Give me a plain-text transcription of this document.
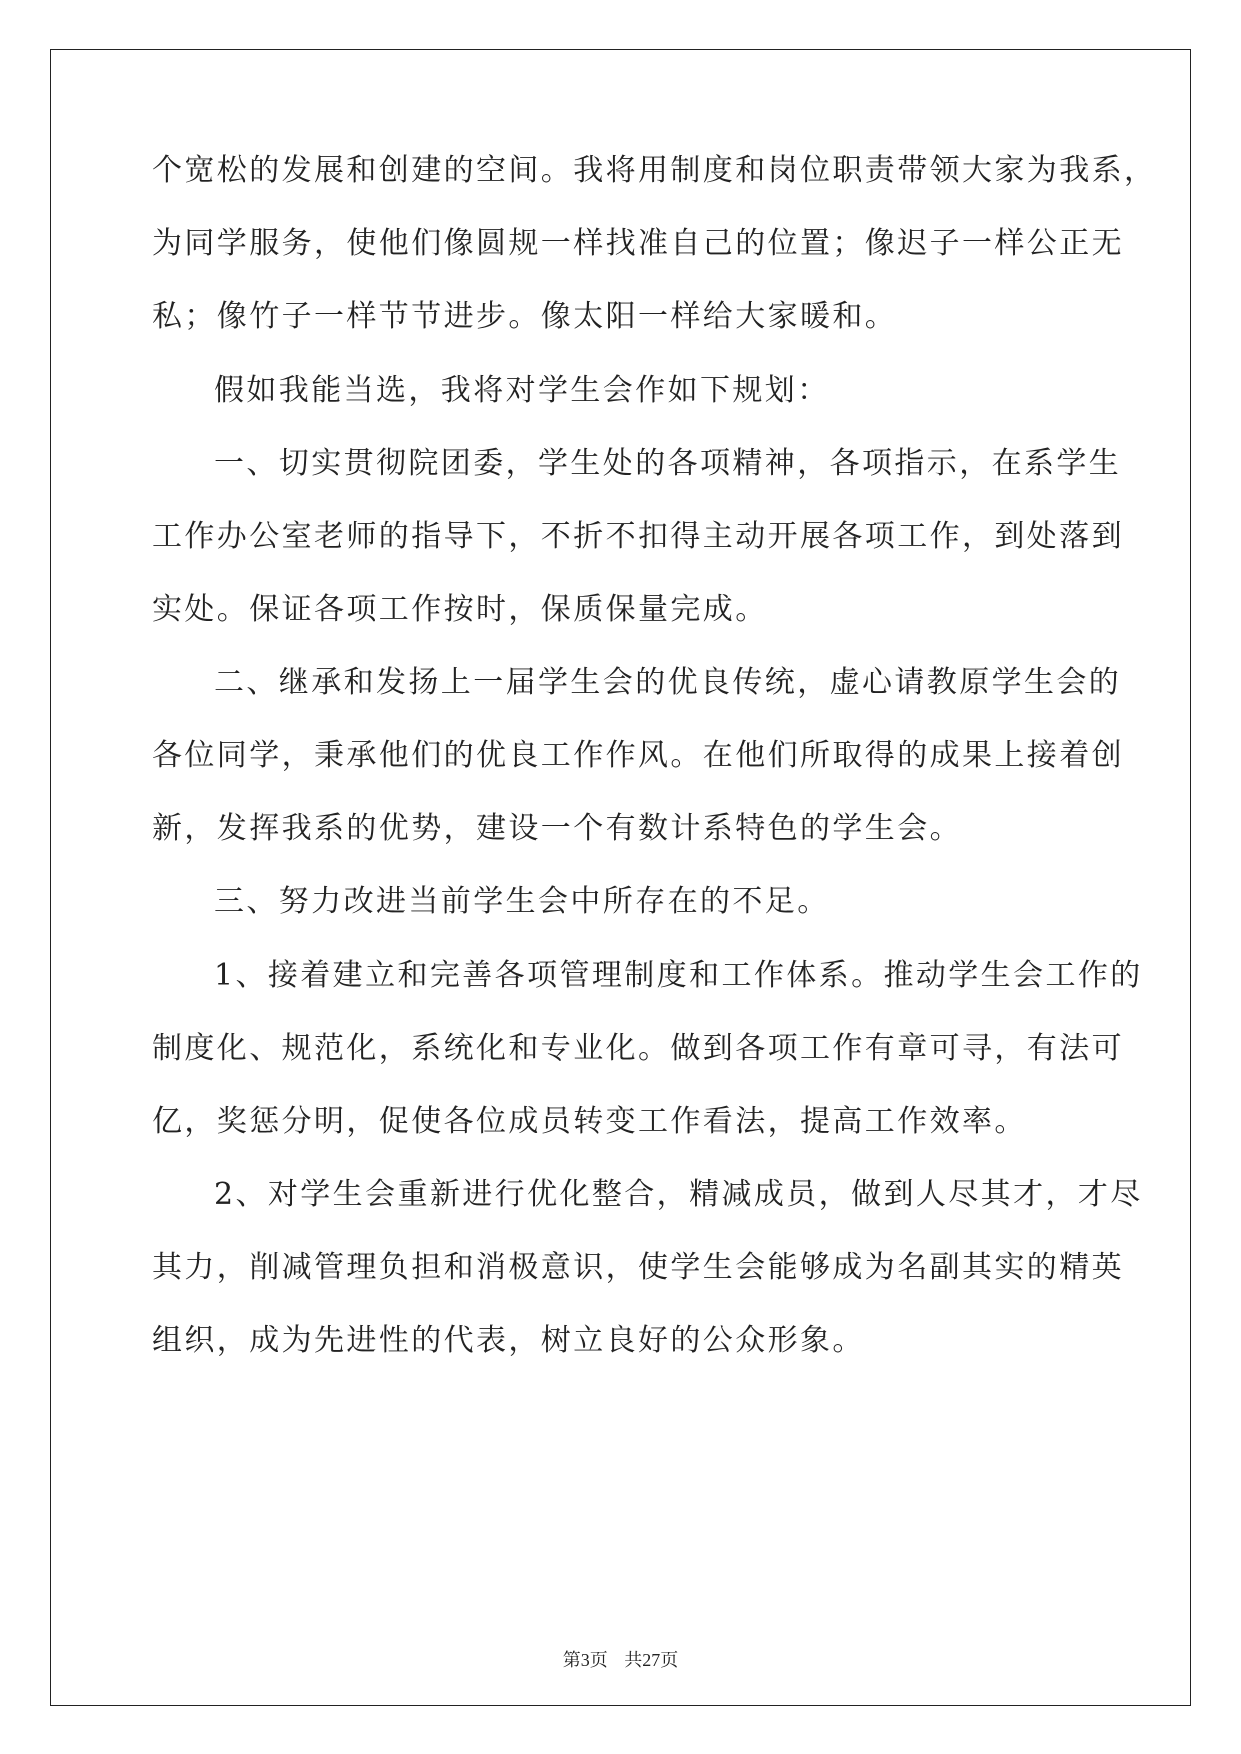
个宽松的发展和创建的空间。我将用制度和岗位职责带领大家为我系，
为同学服务，使他们像圆规一样找准自己的位置；像迟子一样公正无
私；像竹子一样节节进步。像太阳一样给大家暖和。
假如我能当选，我将对学生会作如下规划：
一、切实贯彻院团委，学生处的各项精神，各项指示，在系学生
工作办公室老师的指导下，不折不扣得主动开展各项工作，到处落到
实处。保证各项工作按时，保质保量完成。
二、继承和发扬上一届学生会的优良传统，虚心请教原学生会的
各位同学，秉承他们的优良工作作风。在他们所取得的成果上接着创
新，发挥我系的优势，建设一个有数计系特色的学生会。
三、努力改进当前学生会中所存在的不足。
1、接着建立和完善各项管理制度和工作体系。推动学生会工作的
制度化、规范化，系统化和专业化。做到各项工作有章可寻，有法可
亿，奖惩分明，促使各位成员转变工作看法，提高工作效率。
2、对学生会重新进行优化整合，精减成员，做到人尽其才，才尽
其力，削减管理负担和消极意识，使学生会能够成为名副其实的精英
组织，成为先进性的代表，树立良好的公众形象。
第3页 共27页
